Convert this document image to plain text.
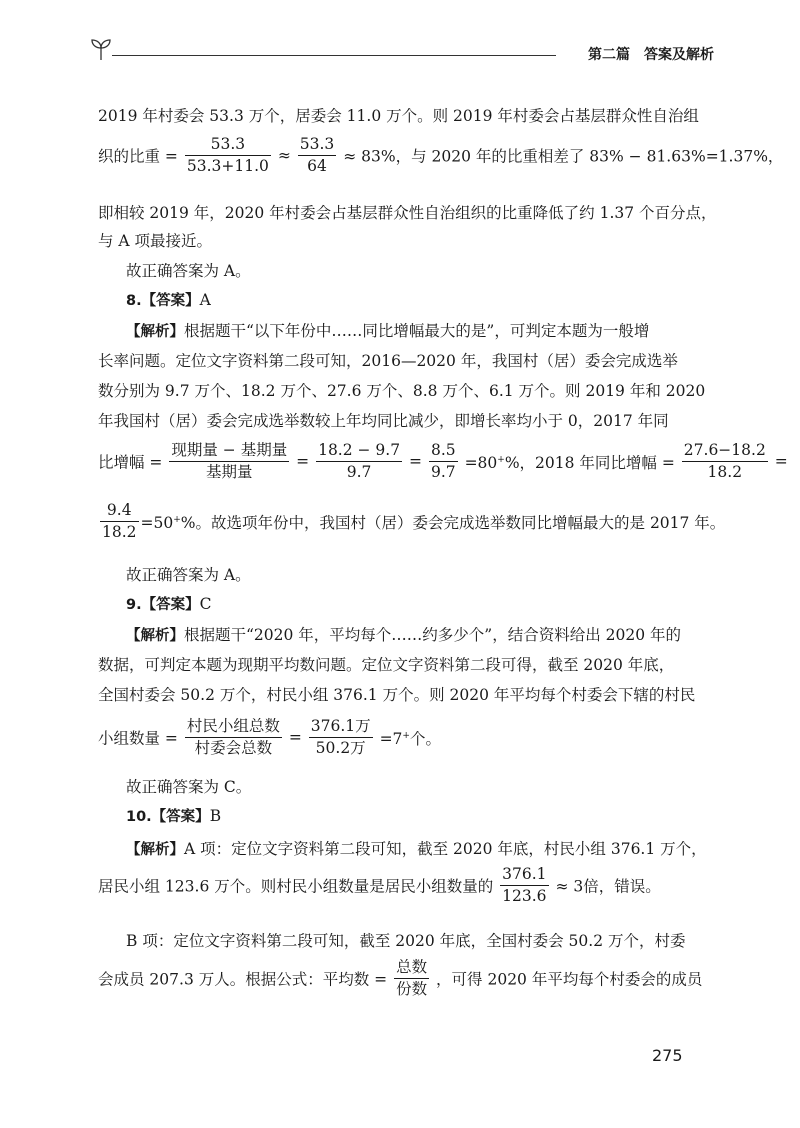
第二篇 答案及解析
2019 年村委会 53.3 万个，居委会 11.0 万个。则 2019 年村委会占基层群众性自治组
织的比重 = $\frac{53.3}{53.3+11.0} \approx \frac{53.3}{64} \approx 83\%$，与 2020 年的比重相差了 83% − 81.63%=1.37%，
即相较 2019 年，2020 年村委会占基层群众性自治组织的比重降低了约 1.37 个百分点，
与 A 项最接近。
故正确答案为 A。
8.【答案】A
【解析】根据题干“以下年份中……同比增幅最大的是”，可判定本题为一般增
长率问题。定位文字资料第二段可知，2016—2020 年，我国村（居）委会完成选举
数分别为 9.7 万个、18.2 万个、27.6 万个、8.8 万个、6.1 万个。则 2019 年和 2020
年我国村（居）委会完成选举数较上年均同比减少，即增长率均小于 0，2017 年同
比增幅 = $\frac{\text{现期量 − 基期量}}{\text{基期量}} = \frac{18.2 - 9.7}{9.7} = \frac{8.5}{9.7} =80^+\%$，2018 年同比增幅 = $\frac{27.6-18.2}{18.2}$ =
$\frac{9.4}{18.2} =50^+\%$。故选项年份中，我国村（居）委会完成选举数同比增幅最大的是 2017 年。
故正确答案为 A。
9.【答案】C
【解析】根据题干“2020 年，平均每个……约多少个”，结合资料给出 2020 年的
数据，可判定本题为现期平均数问题。定位文字资料第二段可得，截至 2020 年底，
全国村委会 50.2 万个，村民小组 376.1 万个。则 2020 年平均每个村委会下辖的村民
小组数量 = $\frac{\text{村民小组总数}}{\text{村委会总数}} = \frac{\text{376.1万}}{\text{50.2万}} =7^+$个。
故正确答案为 C。
10.【答案】B
【解析】A 项：定位文字资料第二段可知，截至 2020 年底，村民小组 376.1 万个，
居民小组 123.6 万个。则村民小组数量是居民小组数量的 $\frac{376.1}{123.6} \approx 3$倍，错误。
B 项：定位文字资料第二段可知，截至 2020 年底，全国村委会 50.2 万个，村委
会成员 207.3 万人。根据公式：平均数 = $\frac{\text{总数}}{\text{份数}}$ ，可得 2020 年平均每个村委会的成员
275
